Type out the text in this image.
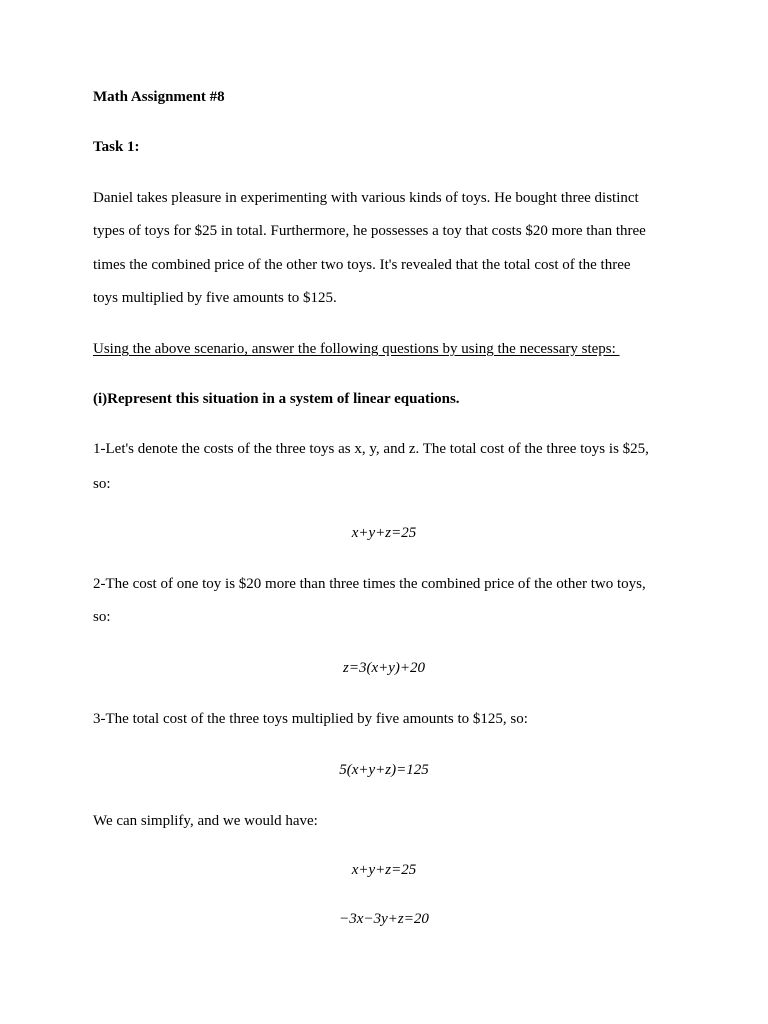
Math Assignment #8
Task 1:
Daniel takes pleasure in experimenting with various kinds of toys. He bought three distinct
types of toys for $25 in total. Furthermore, he possesses a toy that costs $20 more than three
times the combined price of the other two toys. It's revealed that the total cost of the three
toys multiplied by five amounts to $125.
Using the above scenario, answer the following questions by using the necessary steps:
(i)Represent this situation in a system of linear equations.
1-Let's denote the costs of the three toys as x, y, and z. The total cost of the three toys is $25,
so:
x+y+z=25
2-The cost of one toy is $20 more than three times the combined price of the other two toys,
so:
z=3(x+y)+20
3-The total cost of the three toys multiplied by five amounts to $125, so:
5(x+y+z)=125
We can simplify, and we would have:
x+y+z=25
−3x−3y+z=20
